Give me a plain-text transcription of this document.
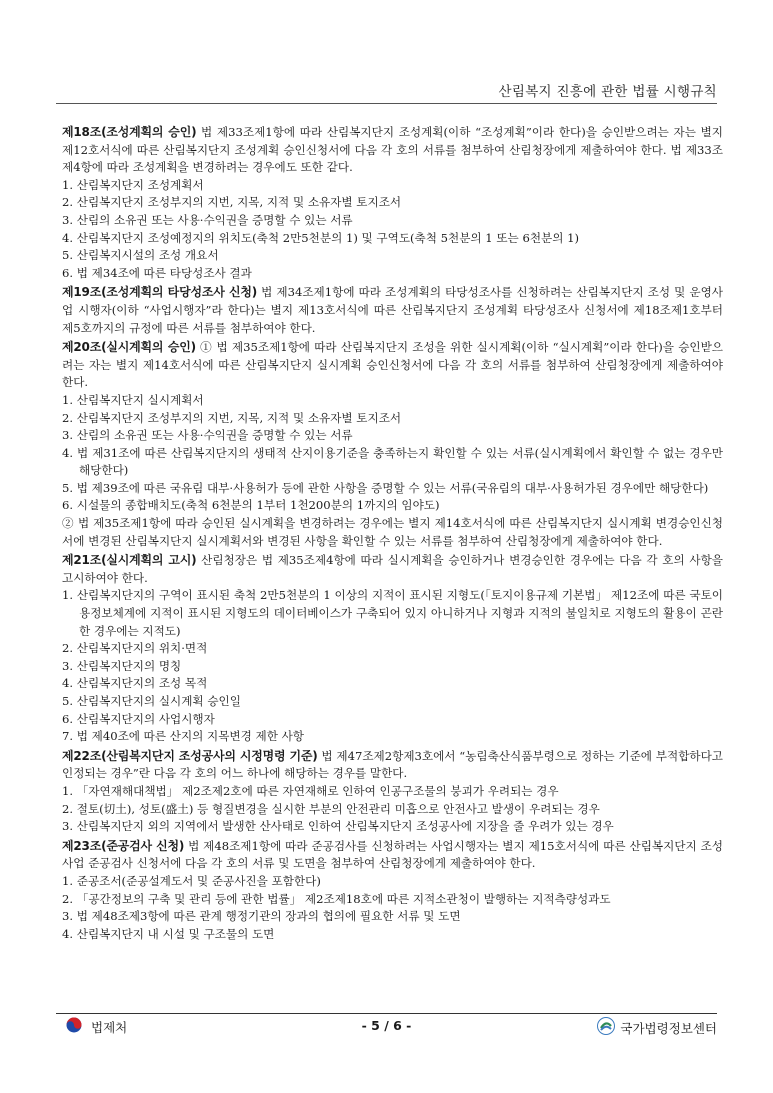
산림복지 진흥에 관한 법률 시행규칙

제18조(조성계획의 승인) 법 제33조제1항에 따라 산림복지단지 조성계획(이하 “조성계획”이라 한다)을 승인받으려는 자는 별지 제12호서식에 따른 산림복지단지 조성계획 승인신청서에 다음 각 호의 서류를 첨부하여 산림청장에게 제출하여야 한다. 법 제33조제4항에 따라 조성계획을 변경하려는 경우에도 또한 같다.

1. 산림복지단지 조성계획서

2. 산림복지단지 조성부지의 지번, 지목, 지적 및 소유자별 토지조서

3. 산림의 소유권 또는 사용·수익권을 증명할 수 있는 서류

4. 산림복지단지 조성예정지의 위치도(축척 2만5천분의 1) 및 구역도(축척 5천분의 1 또는 6천분의 1)

5. 산림복지시설의 조성 개요서

6. 법 제34조에 따른 타당성조사 결과

제19조(조성계획의 타당성조사 신청) 법 제34조제1항에 따라 조성계획의 타당성조사를 신청하려는 산림복지단지 조성 및 운영사업 시행자(이하 “사업시행자”라 한다)는 별지 제13호서식에 따른 산림복지단지 조성계획 타당성조사 신청서에 제18조제1호부터 제5호까지의 규정에 따른 서류를 첨부하여야 한다.

제20조(실시계획의 승인) ① 법 제35조제1항에 따라 산림복지단지 조성을 위한 실시계획(이하 “실시계획”이라 한다)을 승인받으려는 자는 별지 제14호서식에 따른 산림복지단지 실시계획 승인신청서에 다음 각 호의 서류를 첨부하여 산림청장에게 제출하여야 한다.

1. 산림복지단지 실시계획서

2. 산림복지단지 조성부지의 지번, 지목, 지적 및 소유자별 토지조서

3. 산림의 소유권 또는 사용·수익권을 증명할 수 있는 서류

4. 법 제31조에 따른 산림복지단지의 생태적 산지이용기준을 충족하는지 확인할 수 있는 서류(실시계획에서 확인할 수 없는 경우만 해당한다)

5. 법 제39조에 따른 국유림 대부·사용허가 등에 관한 사항을 증명할 수 있는 서류(국유림의 대부·사용허가된 경우에만 해당한다)

6. 시설물의 종합배치도(축척 6천분의 1부터 1천200분의 1까지의 임야도)

② 법 제35조제1항에 따라 승인된 실시계획을 변경하려는 경우에는 별지 제14호서식에 따른 산림복지단지 실시계획 변경승인신청서에 변경된 산림복지단지 실시계획서와 변경된 사항을 확인할 수 있는 서류를 첨부하여 산림청장에게 제출하여야 한다.

제21조(실시계획의 고시) 산림청장은 법 제35조제4항에 따라 실시계획을 승인하거나 변경승인한 경우에는 다음 각 호의 사항을 고시하여야 한다.

1. 산림복지단지의 구역이 표시된 축척 2만5천분의 1 이상의 지적이 표시된 지형도(「토지이용규제 기본법」 제12조에 따른 국토이용정보체계에 지적이 표시된 지형도의 데이터베이스가 구축되어 있지 아니하거나 지형과 지적의 불일치로 지형도의 활용이 곤란한 경우에는 지적도)

2. 산림복지단지의 위치·면적

3. 산림복지단지의 명칭

4. 산림복지단지의 조성 목적

5. 산림복지단지의 실시계획 승인일

6. 산림복지단지의 사업시행자

7. 법 제40조에 따른 산지의 지목변경 제한 사항

제22조(산림복지단지 조성공사의 시정명령 기준) 법 제47조제2항제3호에서 “농림축산식품부령으로 정하는 기준에 부적합하다고 인정되는 경우”란 다음 각 호의 어느 하나에 해당하는 경우를 말한다.

1. 「자연재해대책법」 제2조제2호에 따른 자연재해로 인하여 인공구조물의 붕괴가 우려되는 경우

2. 절토(切土), 성토(盛土) 등 형질변경을 실시한 부분의 안전관리 미흡으로 안전사고 발생이 우려되는 경우

3. 산림복지단지 외의 지역에서 발생한 산사태로 인하여 산림복지단지 조성공사에 지장을 줄 우려가 있는 경우

제23조(준공검사 신청) 법 제48조제1항에 따라 준공검사를 신청하려는 사업시행자는 별지 제15호서식에 따른 산림복지단지 조성사업 준공검사 신청서에 다음 각 호의 서류 및 도면을 첨부하여 산림청장에게 제출하여야 한다.

1. 준공조서(준공설계도서 및 준공사진을 포함한다)

2. 「공간정보의 구축 및 관리 등에 관한 법률」 제2조제18호에 따른 지적소관청이 발행하는 지적측량성과도

3. 법 제48조제3항에 따른 관계 행정기관의 장과의 협의에 필요한 서류 및 도면

4. 산림복지단지 내 시설 및 구조물의 도면

법제처	- 5 / 6 -	국가법령정보센터
